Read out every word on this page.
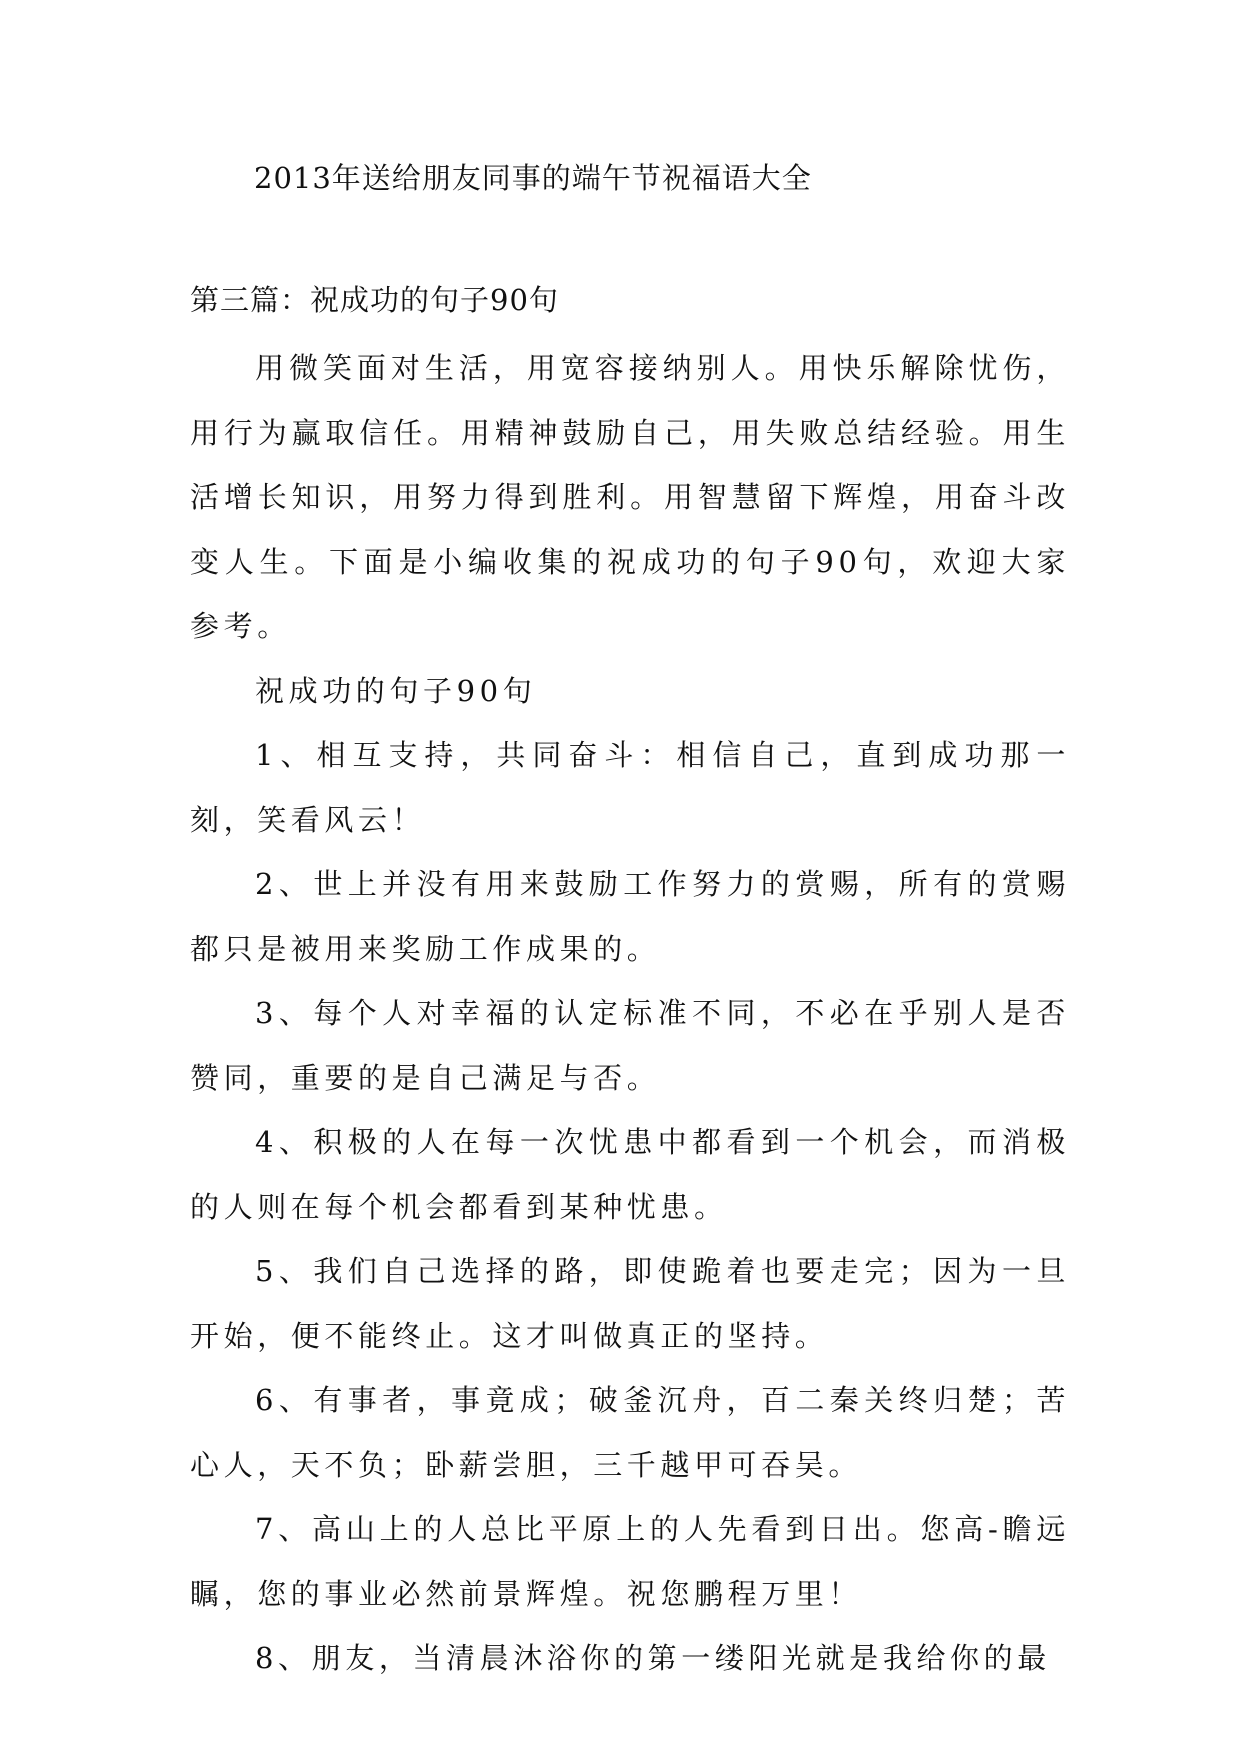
2013年送给朋友同事的端午节祝福语大全
第三篇：祝成功的句子90句

用微笑面对生活，用宽容接纳别人。用快乐解除忧伤，用行为赢取信任。用精神鼓励自己，用失败总结经验。用生活增长知识，用努力得到胜利。用智慧留下辉煌，用奋斗改变人生。下面是小编收集的祝成功的句子90句，欢迎大家参考。

祝成功的句子90句

1、相互支持，共同奋斗：相信自己，直到成功那一刻，笑看风云！

2、世上并没有用来鼓励工作努力的赏赐，所有的赏赐都只是被用来奖励工作成果的。

3、每个人对幸福的认定标准不同，不必在乎别人是否赞同，重要的是自己满足与否。

4、积极的人在每一次忧患中都看到一个机会，而消极的人则在每个机会都看到某种忧患。

5、我们自己选择的路，即使跪着也要走完；因为一旦开始，便不能终止。这才叫做真正的坚持。

6、有事者，事竟成；破釜沉舟，百二秦关终归楚；苦心人，天不负；卧薪尝胆，三千越甲可吞吴。

7、高山上的人总比平原上的人先看到日出。您高-瞻远瞩，您的事业必然前景辉煌。祝您鹏程万里！

8、朋友，当清晨沐浴你的第一缕阳光就是我给你的最
